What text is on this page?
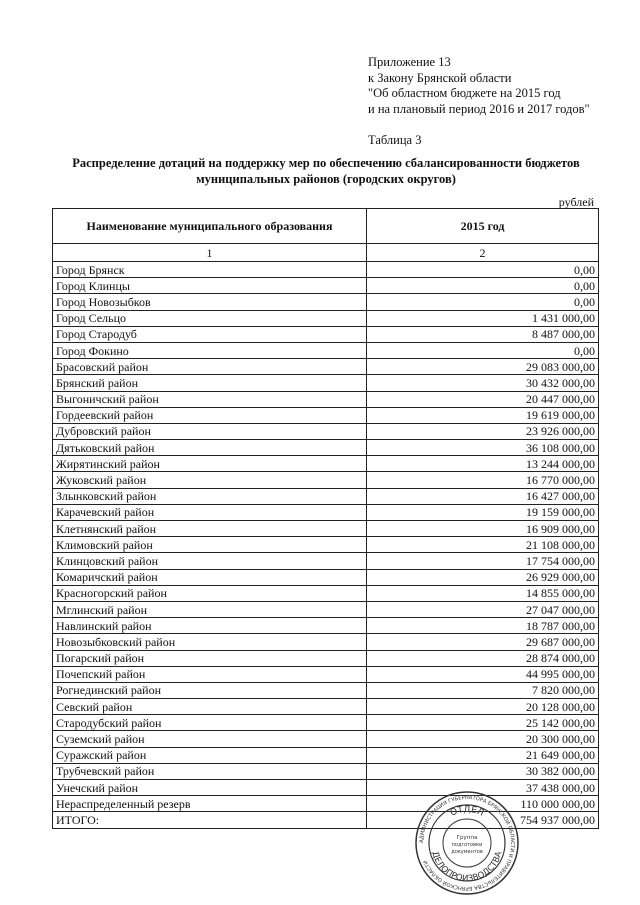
Приложение 13
к Закону Брянской области
"Об областном бюджете на 2015 год
и на плановый период 2016 и 2017 годов"
Таблица 3
Распределение дотаций на поддержку мер по обеспечению сбалансированности бюджетов
муниципальных районов (городских округов)
рублей
Наименование муниципального образования	2015 год
1	2
Город Брянск	0,00
Город Клинцы	0,00
Город Новозыбков	0,00
Город Сельцо	1 431 000,00
Город Стародуб	8 487 000,00
Город Фокино	0,00
Брасовский район	29 083 000,00
Брянский район	30 432 000,00
Выгоничский район	20 447 000,00
Гордеевский район	19 619 000,00
Дубровский район	23 926 000,00
Дятьковский район	36 108 000,00
Жирятинский район	13 244 000,00
Жуковский район	16 770 000,00
Злынковский район	16 427 000,00
Карачевский район	19 159 000,00
Клетнянский район	16 909 000,00
Климовский район	21 108 000,00
Клинцовский район	17 754 000,00
Комаричский район	26 929 000,00
Красногорский район	14 855 000,00
Мглинский район	27 047 000,00
Навлинский район	18 787 000,00
Новозыбковский район	29 687 000,00
Погарский район	28 874 000,00
Почепский район	44 995 000,00
Рогнединский район	7 820 000,00
Севский район	20 128 000,00
Стародубский район	25 142 000,00
Суземский район	20 300 000,00
Суражский район	21 649 000,00
Трубчевский район	30 382 000,00
Унечский район	37 438 000,00
Нераспределенный резерв	110 000 000,00
ИТОГО:	754 937 000,00
АДМИНИСТРАЦИЯ ГУБЕРНАТОРА БРЯНСКОЙ ОБЛАСТИ И ПРАВИТЕЛЬСТВА БРЯНСКОЙ ОБЛАСТИ
ОТДЕЛ
ДЕЛОПРОИЗВОДСТВА
Группа
подготовки
документов
